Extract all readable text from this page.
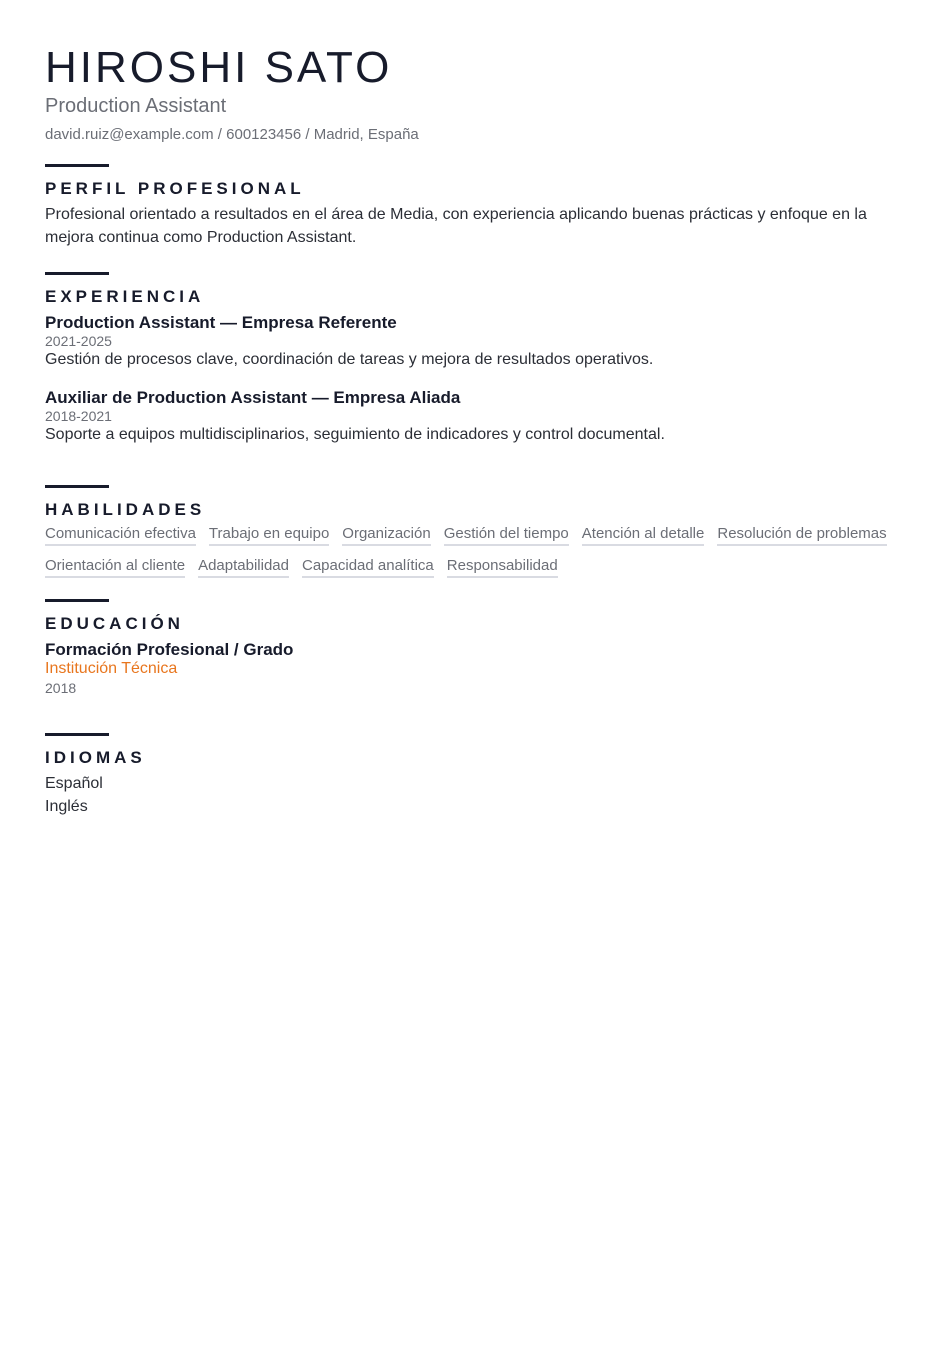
HIROSHI SATO
Production Assistant
david.ruiz@example.com / 600123456 / Madrid, España
PERFIL PROFESIONAL

Profesional orientado a resultados en el área de Media, con experiencia aplicando buenas prácticas y enfoque en la mejora continua como Production Assistant.

EXPERIENCIA
Production Assistant — Empresa Referente
2021-2025
Gestión de procesos clave, coordinación de tareas y mejora de resultados operativos.
Auxiliar de Production Assistant — Empresa Aliada
2018-2021
Soporte a equipos multidisciplinarios, seguimiento de indicadores y control documental.
HABILIDADES
Comunicación efectiva Trabajo en equipo Organización Gestión del tiempo Atención al detalle Resolución de problemas
Orientación al cliente Adaptabilidad Capacidad analítica Responsabilidad
EDUCACIÓN
Formación Profesional / Grado
Institución Técnica
2018
IDIOMAS
Español
Inglés
